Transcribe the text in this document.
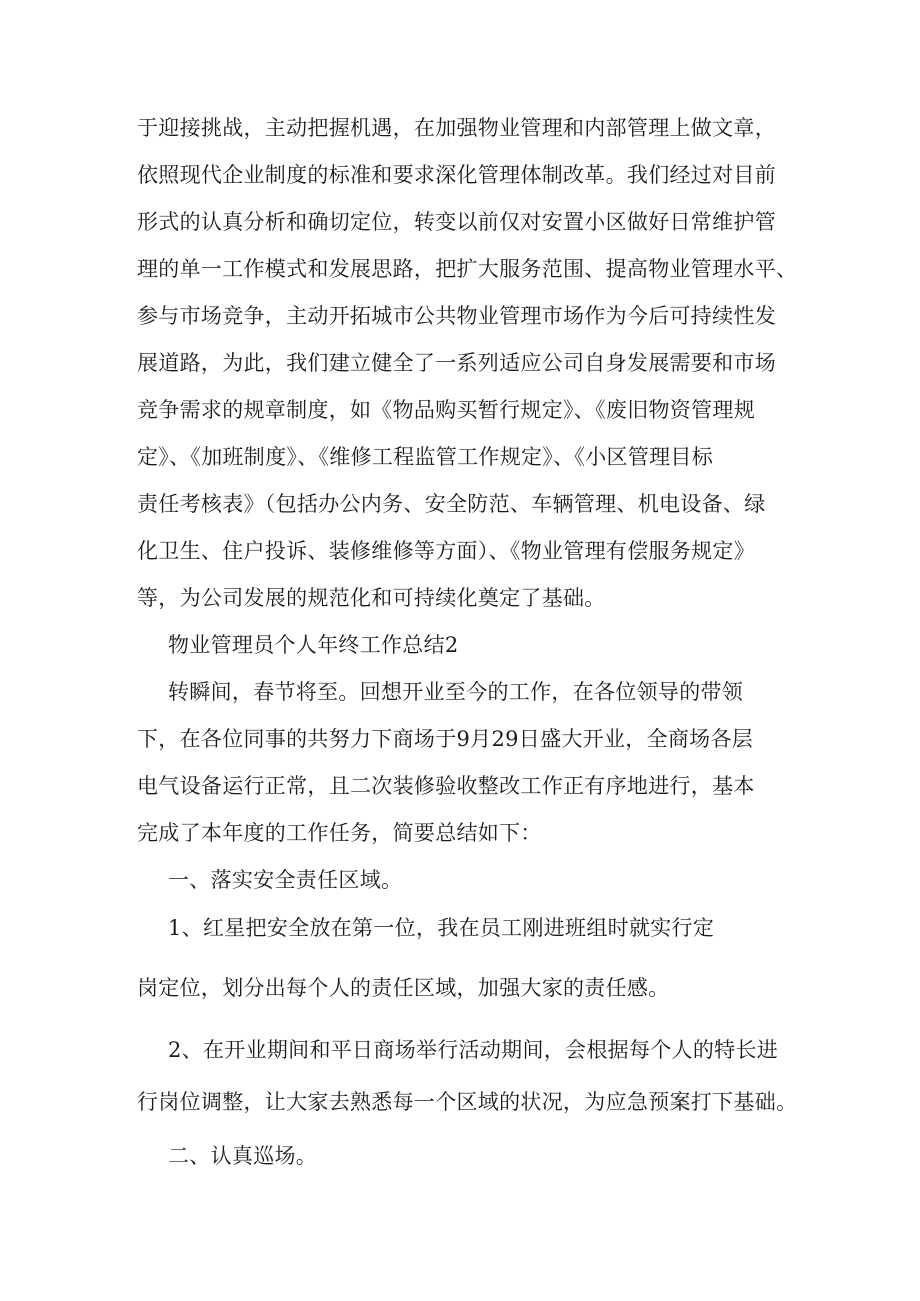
于迎接挑战，主动把握机遇，在加强物业管理和内部管理上做文章，
依照现代企业制度的标准和要求深化管理体制改革。我们经过对目前
形式的认真分析和确切定位，转变以前仅对安置小区做好日常维护管
理的单一工作模式和发展思路，把扩大服务范围、提高物业管理水平、
参与市场竞争，主动开拓城市公共物业管理市场作为今后可持续性发
展道路，为此，我们建立健全了一系列适应公司自身发展需要和市场
竞争需求的规章制度，如《物品购买暂行规定》、《废旧物资管理规
定》、《加班制度》、《维修工程监管工作规定》、《小区管理目标
责任考核表》（包括办公内务、安全防范、车辆管理、机电设备、绿
化卫生、住户投诉、装修维修等方面）、《物业管理有偿服务规定》
等，为公司发展的规范化和可持续化奠定了基础。
物业管理员个人年终工作总结2
转瞬间，春节将至。回想开业至今的工作，在各位领导的带领
下，在各位同事的共努力下商场于9月29日盛大开业，全商场各层
电气设备运行正常，且二次装修验收整改工作正有序地进行，基本
完成了本年度的工作任务，简要总结如下：
一、落实安全责任区域。
1、红星把安全放在第一位，我在员工刚进班组时就实行定
岗定位，划分出每个人的责任区域，加强大家的责任感。
2、在开业期间和平日商场举行活动期间，会根据每个人的特长进
行岗位调整，让大家去熟悉每一个区域的状况，为应急预案打下基础。
二、认真巡场。
